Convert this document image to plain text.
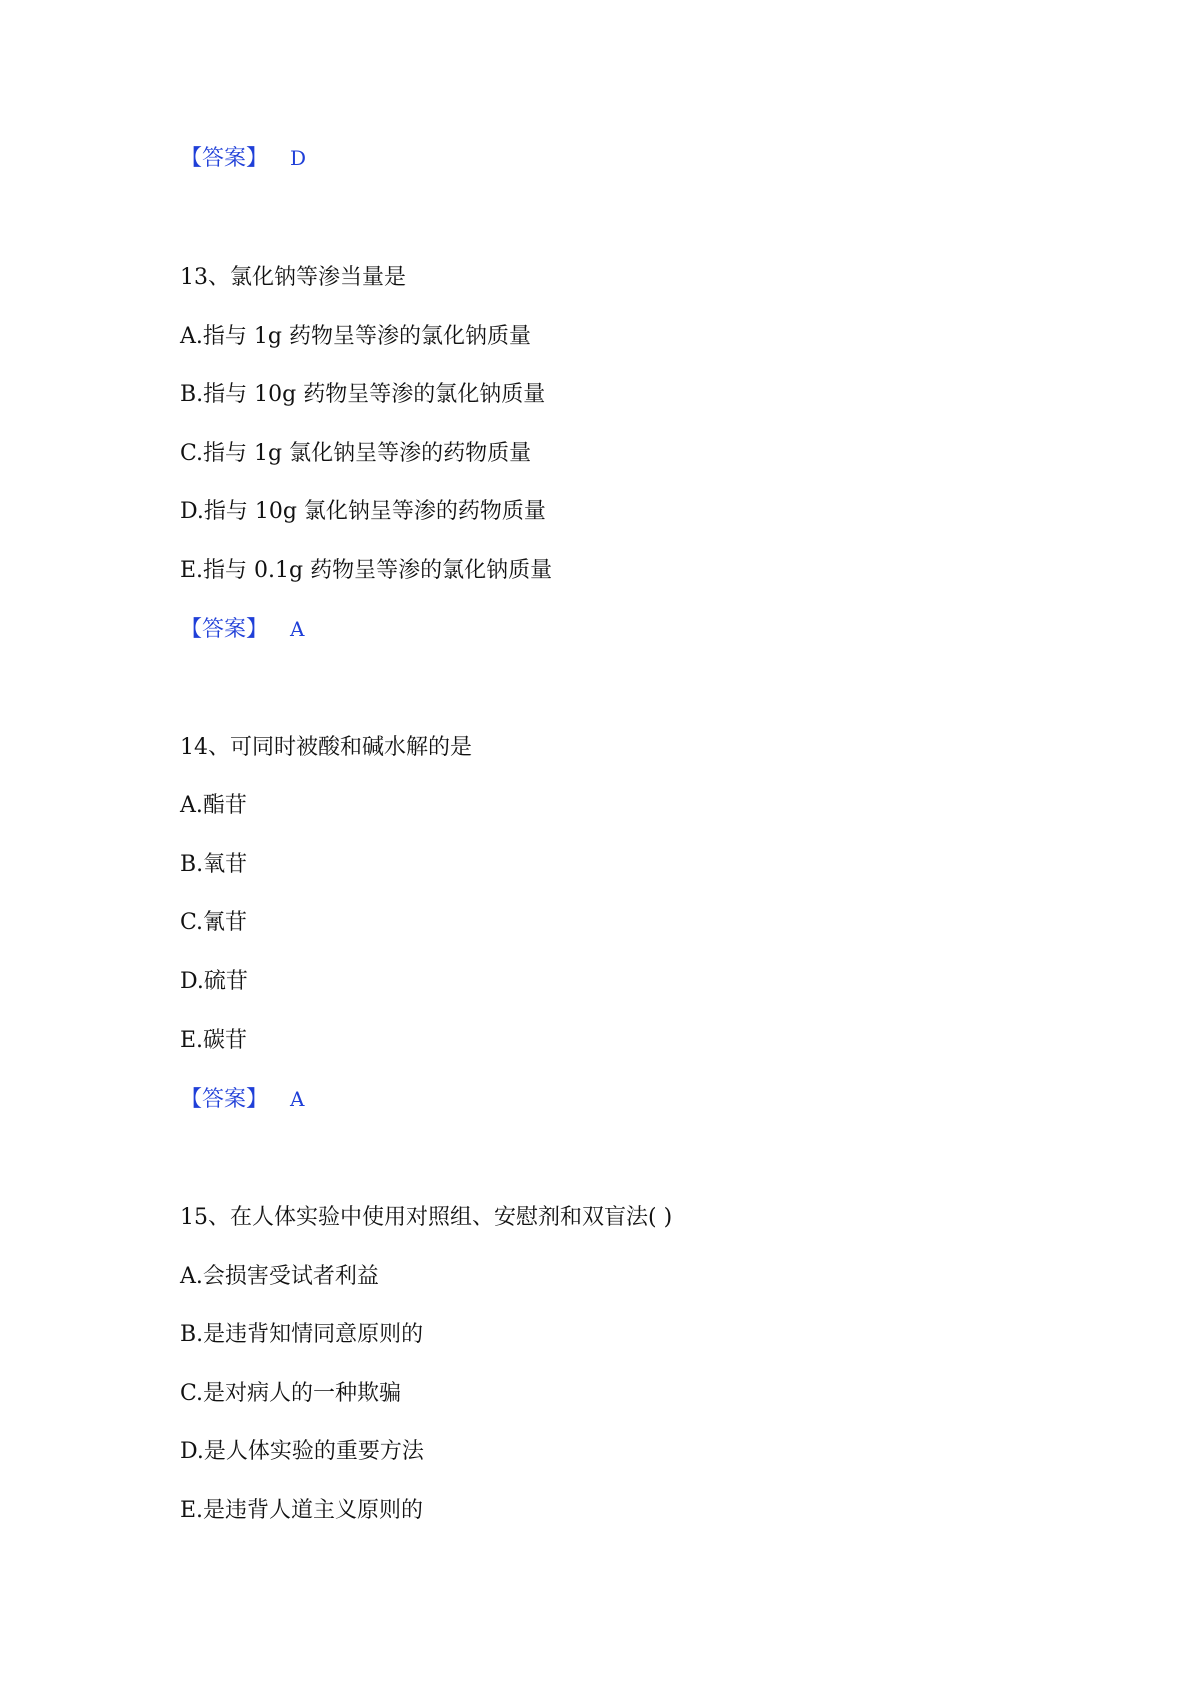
【答案】 D
13、氯化钠等渗当量是
A.指与 1g 药物呈等渗的氯化钠质量
B.指与 10g 药物呈等渗的氯化钠质量
C.指与 1g 氯化钠呈等渗的药物质量
D.指与 10g 氯化钠呈等渗的药物质量
E.指与 0.1g 药物呈等渗的氯化钠质量
【答案】 A
14、可同时被酸和碱水解的是
A.酯苷
B.氧苷
C.氰苷
D.硫苷
E.碳苷
【答案】 A
15、在人体实验中使用对照组、安慰剂和双盲法( )
A.会损害受试者利益
B.是违背知情同意原则的
C.是对病人的一种欺骗
D.是人体实验的重要方法
E.是违背人道主义原则的
